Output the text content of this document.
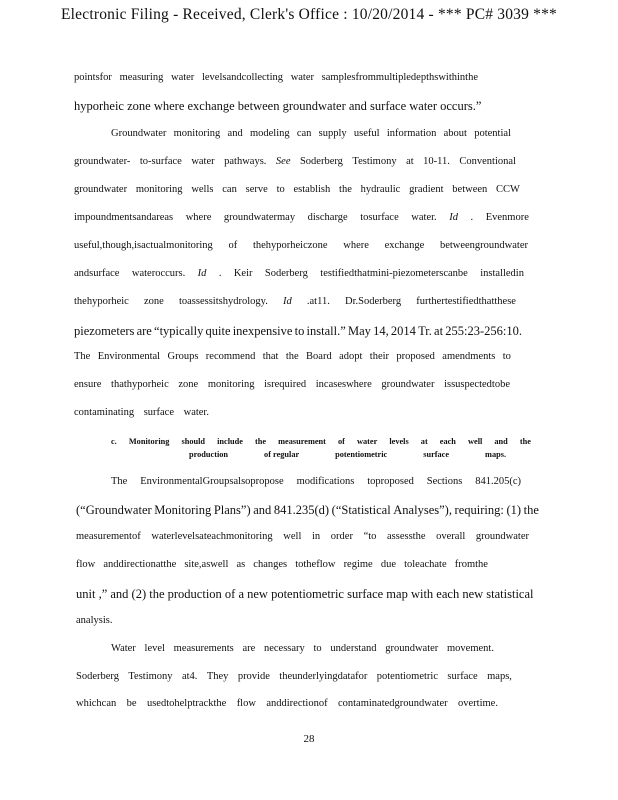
Electronic Filing - Received, Clerk's Office : 10/20/2014 - *** PC# 3039 ***
pointsfor measuring water levelsandcollecting water samplesfrommultipledepthswithinthe
hyporheic zone where exchange between groundwater and surface water occurs.”
Groundwater monitoring and modeling can supply useful information about potential
groundwater- to-surface water pathways. See Soderberg Testimony at 10-11. Conventional
groundwater monitoring wells can serve to establish the hydraulic gradient between CCW
impoundmentsandareas where groundwatermay discharge tosurface water. Id . Evenmore
useful,though,isactualmonitoring of thehyporheiczone where exchange betweengroundwater
andsurface wateroccurs. Id . Keir Soderberg testifiedthatmini-piezometerscanbe installedin
thehyporheic zone toassessitshydrology. Id .at11. Dr.Soderberg furthertestifiedthatthese
piezometers are “typically quite inexpensive to install.” May 14, 2014 Tr. at 255:23-256:10.
The Environmental Groups recommend that the Board adopt their proposed amendments to
ensure thathyporheic zone monitoring isrequired incaseswhere groundwater issuspectedtobe
contaminating surface water.
The EnvironmentalGroupsalsopropose modifications toproposed Sections 841.205(c)
(“Groundwater Monitoring Plans”) and 841.235(d) (“Statistical Analyses”), requiring: (1) the
measurementof waterlevelsateachmonitoring well in order “to assessthe overall groundwater
flow anddirectionatthe site,aswell as changes totheflow regime due toleachate fromthe
unit ,” and (2) the production of a new potentiometric surface map with each new statistical
analysis.
Water level measurements are necessary to understand groundwater movement.
Soderberg Testimony at4. They provide theunderlyingdatafor potentiometric surface maps,
whichcan be usedtohelptrackthe flow anddirectionof contaminatedgroundwater overtime.
c. Monitoring should include the measurement of water levels at each well and the
production	of regular	potentiometric	surface	maps.
28
